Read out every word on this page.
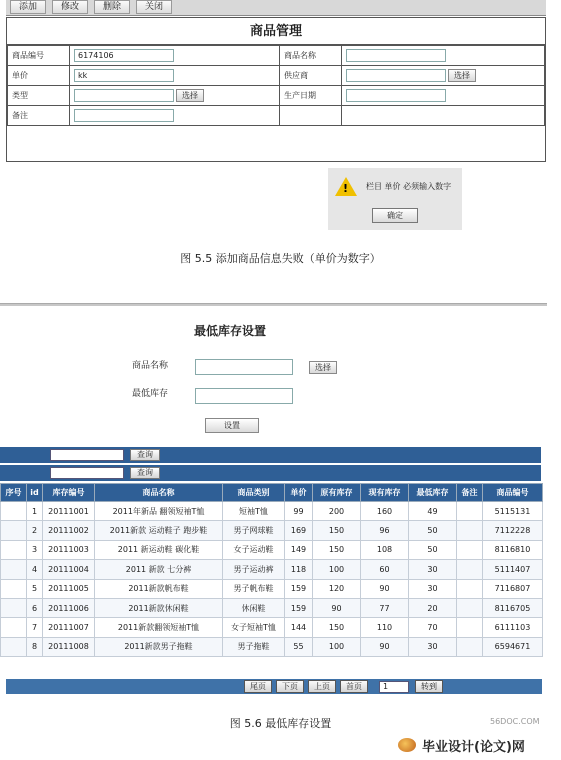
添加	修改	删除	关闭
商品管理
商品编号	6174106	商品名称	

单价	kk	供应商	选择

类型	选择	生产日期	

备注	

! 栏目 单价 必须输入数字
确定
图 5.5 添加商品信息失败（单价为数字）
最低库存设置
商品名称	选择
最低库存
设置
查询
查询
序号	id	库存编号	商品名称	商品类别	单价	原有库存	现有库存	最低库存	备注	商品编号
	1	20111001	2011年新品 翻领短袖T恤	短袖T恤	99	200	160	49		5115131
	2	20111002	2011新款 运动鞋子 跑步鞋	男子网球鞋	169	150	96	50		7112228
	3	20111003	2011 新运动鞋 碳化鞋	女子运动鞋	149	150	108	50		8116810
	4	20111004	2011 新款 七分裤	男子运动裤	118	100	60	30		5111407
	5	20111005	2011新款帆布鞋	男子帆布鞋	159	120	90	30		7116807
	6	20111006	2011新款休闲鞋	休闲鞋	159	90	77	20		8116705
	7	20111007	2011新款翻领短袖T恤	女子短袖T恤	144	150	110	70		6111103
	8	20111008	2011新款男子拖鞋	男子拖鞋	55	100	90	30		6594671
尾页	下页	上页	首页	1	转到
图 5.6 最低库存设置	56DOC.COM
毕业设计(论文)网
